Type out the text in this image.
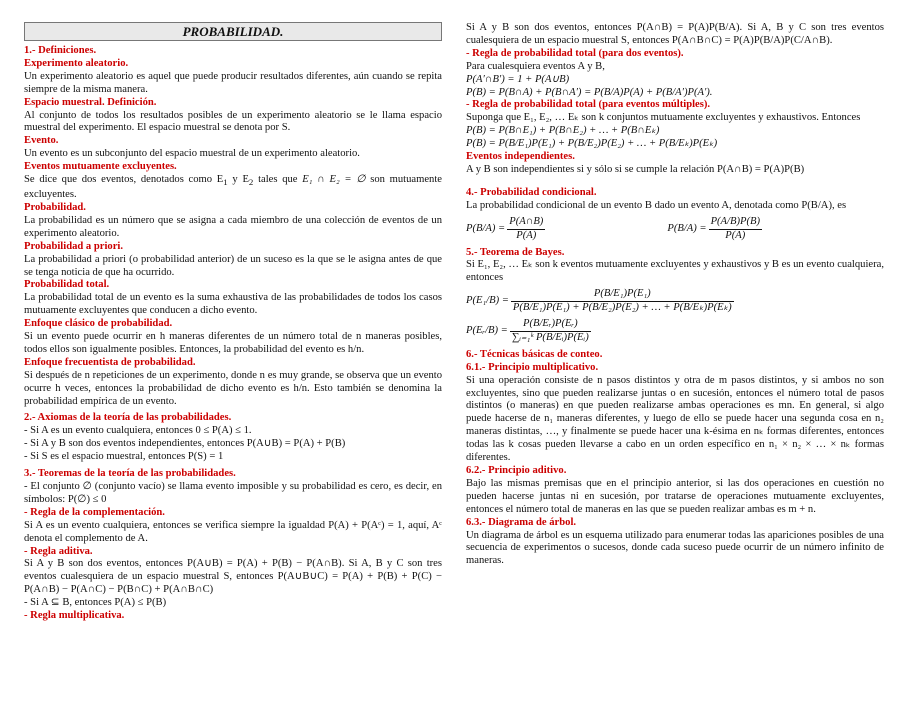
PROBABILIDAD.
1.- Definiciones.
Experimento aleatorio.

Un experimento aleatorio es aquel que puede producir resultados diferentes, aún cuando se repita siempre de la misma manera.

Espacio muestral. Definición.

Al conjunto de todos los resultados posibles de un experimento aleatorio se le llama espacio muestral del experimento. El espacio muestral se denota por S.

Evento.

Un evento es un subconjunto del espacio muestral de un experimento aleatorio.

Eventos mutuamente excluyentes.

Se dice que dos eventos, denotados como $E_1$ y $E_2$ tales que E₁ ∩ E₂ = ∅ son mutuamente excluyentes.

Probabilidad.

La probabilidad es un número que se asigna a cada miembro de una colección de eventos de un experimento aleatorio.

Probabilidad a priori.

La probabilidad a priori (o probabilidad anterior) de un suceso es la que se le asigna antes de que se tenga noticia de que ha ocurrido.

Probabilidad total.

La probabilidad total de un evento es la suma exhaustiva de las probabilidades de todos los casos mutuamente excluyentes que conducen a dicho evento.

Enfoque clásico de probabilidad.

Si un evento puede ocurrir en h maneras diferentes de un número total de n maneras posibles, todos ellos son igualmente posibles. Entonces, la probabilidad del evento es h/n.

Enfoque frecuentista de probabilidad.

Si después de n repeticiones de un experimento, donde n es muy grande, se observa que un evento ocurre h veces, entonces la probabilidad de dicho evento es h/n. Esto también se denomina la probabilidad empírica de un evento.

2.- Axiomas de la teoría de las probabilidades.

- Si A es un evento cualquiera, entonces 0 ≤ P(A) ≤ 1.

- Si A y B son dos eventos independientes, entonces P(A∪B) = P(A) + P(B)

- Si S es el espacio muestral, entonces P(S) = 1

3.- Teoremas de la teoría de las probabilidades.

- El conjunto ∅ (conjunto vacío) se llama evento imposible y su probabilidad es cero, es decir, en símbolos: P(∅) ≤ 0

- Regla de la complementación.

Si A es un evento cualquiera, entonces se verifica siempre la igualdad P(A) + P(Aᶜ) = 1, aquí, Aᶜ denota el complemento de A.

- Regla aditiva.

Si A y B son dos eventos, entonces P(A∪B) = P(A) + P(B) − P(A∩B). Si A, B y C son tres eventos cualesquiera de un espacio muestral S, entonces P(A∪B∪C) = P(A) + P(B) + P(C) − P(A∩B) − P(A∩C) − P(B∩C) + P(A∩B∩C)

- Si A ⊆ B, entonces P(A) ≤ P(B)

- Regla multiplicativa.

Si A y B son dos eventos, entonces P(A∩B) = P(A)P(B/A). Si A, B y C son tres eventos cualesquiera de un espacio muestral S, entonces P(A∩B∩C) = P(A)P(B/A)P(C/A∩B).

- Regla de probabilidad total (para dos eventos).

Para cualesquiera eventos A y B,

P(A′∩B′) = 1 + P(A∪B)

P(B) = P(B∩A) + P(B∩A′) = P(B/A)P(A) + P(B/A′)P(A′).

- Regla de probabilidad total (para eventos múltiples).

Suponga que E₁, E₂, … Eₖ son k conjuntos mutuamente excluyentes y exhaustivos. Entonces

P(B) = P(B∩E₁) + P(B∩E₂) + … + P(B∩Eₖ)

P(B) = P(B/E₁)P(E₁) + P(B/E₂)P(E₂) + … + P(B/Eₖ)P(Eₖ)

Eventos independientes.

A y B son independientes si y sólo si se cumple la relación P(A∩B) = P(A)P(B)

4.- Probabilidad condicional.

La probabilidad condicional de un evento B dado un evento A, denotada como P(B/A), es

$P(B/A) = \frac{P(A\cap B)}{P(A)}$	$P(B/A) = \frac{P(A/B)P(B)}{P(A)}$
5.- Teorema de Bayes.

Si E₁, E₂, … Eₖ son k eventos mutuamente excluyentes y exhaustivos y B es un evento cualquiera, entonces

$P(E_1/B) = \frac{\text{P(B/E₁)P(E₁)}}{\text{P(B/E₁)P(E₁) + P(B/E₂)P(E₂) + … + P(B/Eₖ)P(Eₖ)}}$
P(Eᵣ/B) = $\frac{\text{P(B/Eᵣ)P(Eᵣ)}}{\text{∑ᵢ₌₁ᵏ P(B/Eᵢ)P(Eᵢ)}}$
6.- Técnicas básicas de conteo.
6.1.- Principio multiplicativo.

Si una operación consiste de n pasos distintos y otra de m pasos distintos, y si ambos no son excluyentes, sino que pueden realizarse juntas o en sucesión, entonces el número total de pasos distintos (o maneras) en que pueden realizarse ambas operaciones es mn. En general, si algo puede hacerse de n₁ maneras diferentes, y luego de ello se puede hacer una segunda cosa en n₂ maneras distintas, …, y finalmente se puede hacer una k-ésima en nₖ formas diferentes, entonces todas las k cosas pueden llevarse a cabo en un orden específico en n₁ × n₂ × … × nₖ formas diferentes.

6.2.- Principio aditivo.

Bajo las mismas premisas que en el principio anterior, si las dos operaciones en cuestión no pueden hacerse juntas ni en sucesión, por tratarse de operaciones mutuamente excluyentes, entonces el número total de maneras en las que se pueden realizar ambas es m + n.

6.3.- Diagrama de árbol.

Un diagrama de árbol es un esquema utilizado para enumerar todas las apariciones posibles de una secuencia de experimentos o sucesos, donde cada suceso puede ocurrir de un número infinito de maneras.
